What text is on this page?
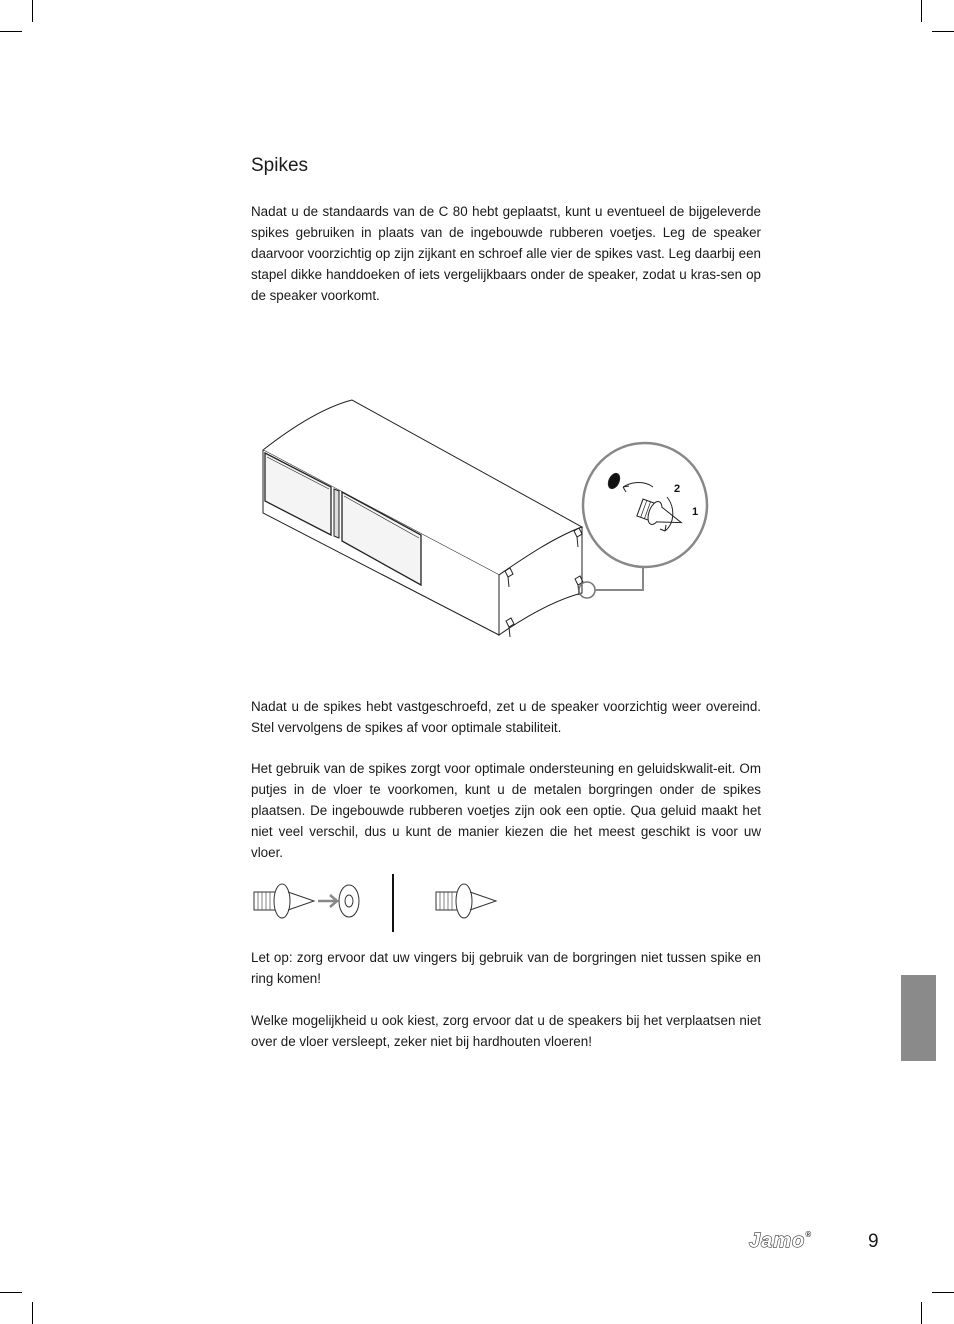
Spikes

Nadat u de standaards van de C 80 hebt geplaatst, kunt u eventueel de bijgeleverde spikes gebruiken in plaats van de ingebouwde rubberen voetjes. Leg de speaker daarvoor voorzichtig op zijn zijkant en schroef alle vier de spikes vast. Leg daarbij een stapel dikke handdoeken of iets vergelijkbaars onder de speaker, zodat u kras-sen op de speaker voorkomt.

2
1

Nadat u de spikes hebt vastgeschroefd, zet u de speaker voorzichtig weer overeind. Stel vervolgens de spikes af voor optimale stabiliteit.

Het gebruik van de spikes zorgt voor optimale ondersteuning en geluidskwalit-eit. Om putjes in de vloer te voorkomen, kunt u de metalen borgringen onder de spikes plaatsen. De ingebouwde rubberen voetjes zijn ook een optie. Qua geluid maakt het niet veel verschil, dus u kunt de manier kiezen die het meest geschikt is voor uw vloer.

Let op: zorg ervoor dat uw vingers bij gebruik van de borgringen niet tussen spike en ring komen!

Welke mogelijkheid u ook kiest, zorg ervoor dat u de speakers bij het verplaatsen niet over de vloer versleept, zeker niet bij hardhouten vloeren!

Jamo®	9
